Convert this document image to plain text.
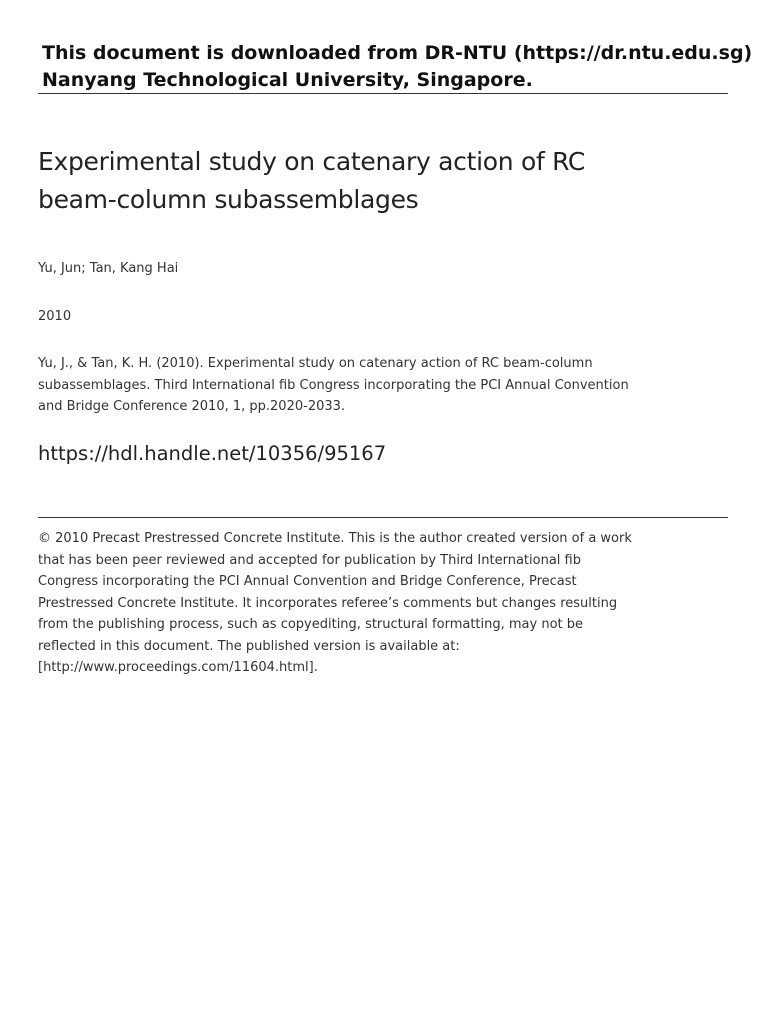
This document is downloaded from DR-NTU (https://dr.ntu.edu.sg)
Nanyang Technological University, Singapore.
Experimental study on catenary action of RC
beam-column subassemblages
Yu, Jun; Tan, Kang Hai
2010
Yu, J., & Tan, K. H. (2010). Experimental study on catenary action of RC beam-column
subassemblages. Third International fib Congress incorporating the PCI Annual Convention
and Bridge Conference 2010, 1, pp.2020-2033.
https://hdl.handle.net/10356/95167
© 2010 Precast Prestressed Concrete Institute. This is the author created version of a work
that has been peer reviewed and accepted for publication by Third International fib
Congress incorporating the PCI Annual Convention and Bridge Conference, Precast
Prestressed Concrete Institute. It incorporates referee’s comments but changes resulting
from the publishing process, such as copyediting, structural formatting, may not be
reflected in this document. The published version is available at:
[http://www.proceedings.com/11604.html].
